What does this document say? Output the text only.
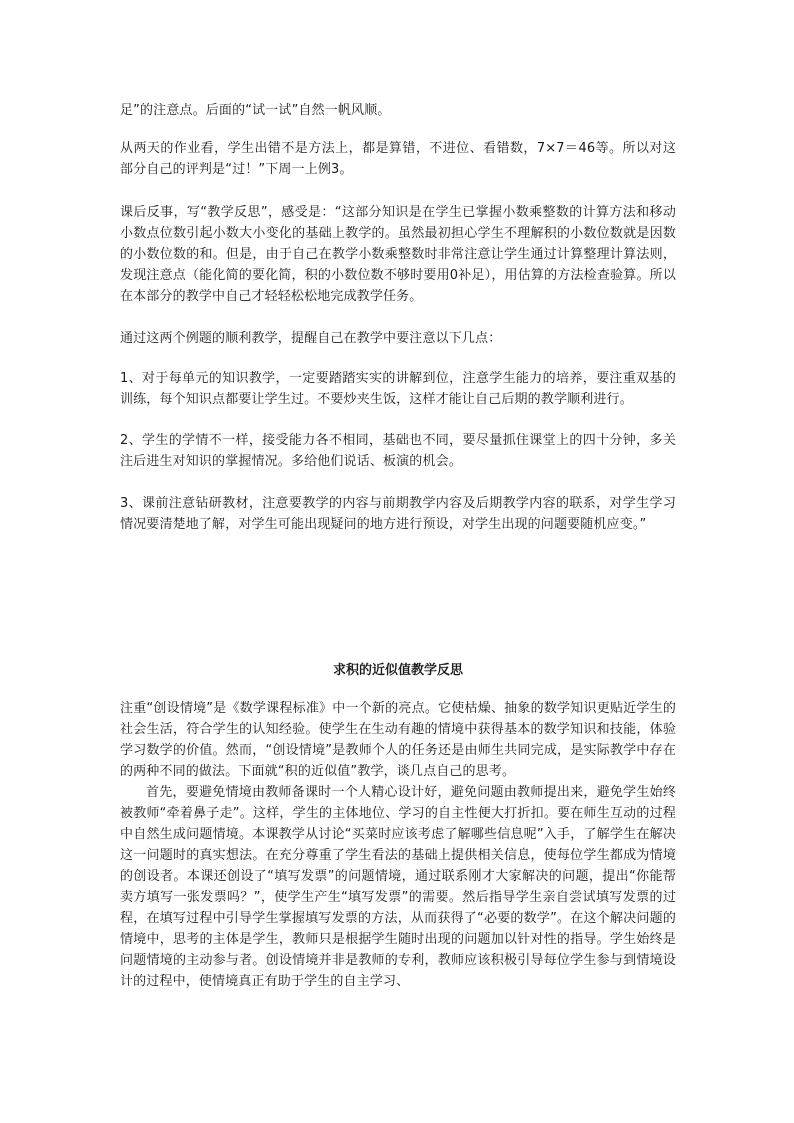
足”的注意点。后面的“试一试”自然一帆风顺。

从两天的作业看，学生出错不是方法上，都是算错，不进位、看错数，7×7＝46等。所以对这部分自己的评判是“过！”下周一上例3。

课后反事，写“教学反思”，感受是：“这部分知识是在学生已掌握小数乘整数的计算方法和移动小数点位数引起小数大小变化的基础上教学的。虽然最初担心学生不理解积的小数位数就是因数的小数位数的和。但是，由于自己在教学小数乘整数时非常注意让学生通过计算整理计算法则，发现注意点（能化简的要化简，积的小数位数不够时要用0补足），用估算的方法检查验算。所以在本部分的教学中自己才轻轻松松地完成教学任务。

通过这两个例题的顺利教学，提醒自己在教学中要注意以下几点：

1、对于每单元的知识教学，一定要踏踏实实的讲解到位，注意学生能力的培养，要注重双基的训练，每个知识点都要让学生过。不要炒夹生饭，这样才能让自己后期的教学顺利进行。

2、学生的学情不一样，接受能力各不相同，基础也不同，要尽量抓住课堂上的四十分钟，多关注后进生对知识的掌握情况。多给他们说话、板演的机会。

3、课前注意钻研教材，注意要教学的内容与前期教学内容及后期教学内容的联系，对学生学习情况要清楚地了解，对学生可能出现疑问的地方进行预设，对学生出现的问题要随机应变。”

求积的近似值教学反思

注重“创设情境”是《数学课程标准》中一个新的亮点。它使枯燥、抽象的数学知识更贴近学生的社会生活，符合学生的认知经验。使学生在生动有趣的情境中获得基本的数学知识和技能，体验学习数学的价值。然而，“创设情境”是教师个人的任务还是由师生共同完成，是实际教学中存在的两种不同的做法。下面就“积的近似值”教学，谈几点自己的思考。

首先，要避免情境由教师备课时一个人精心设计好，避免问题由教师提出来，避免学生始终被教师“牵着鼻子走”。这样，学生的主体地位、学习的自主性便大打折扣。要在师生互动的过程中自然生成问题情境。本课教学从讨论“买菜时应该考虑了解哪些信息呢”入手，了解学生在解决这一问题时的真实想法。在充分尊重了学生看法的基础上提供相关信息，使每位学生都成为情境的创设者。本课还创设了“填写发票”的问题情境，通过联系刚才大家解决的问题，提出“你能帮卖方填写一张发票吗？”，使学生产生“填写发票”的需要。然后指导学生亲自尝试填写发票的过程，在填写过程中引导学生掌握填写发票的方法，从而获得了“必要的数学”。在这个解决问题的情境中，思考的主体是学生，教师只是根据学生随时出现的问题加以针对性的指导。学生始终是问题情境的主动参与者。创设情境并非是教师的专利，教师应该积极引导每位学生参与到情境设计的过程中，使情境真正有助于学生的自主学习、
